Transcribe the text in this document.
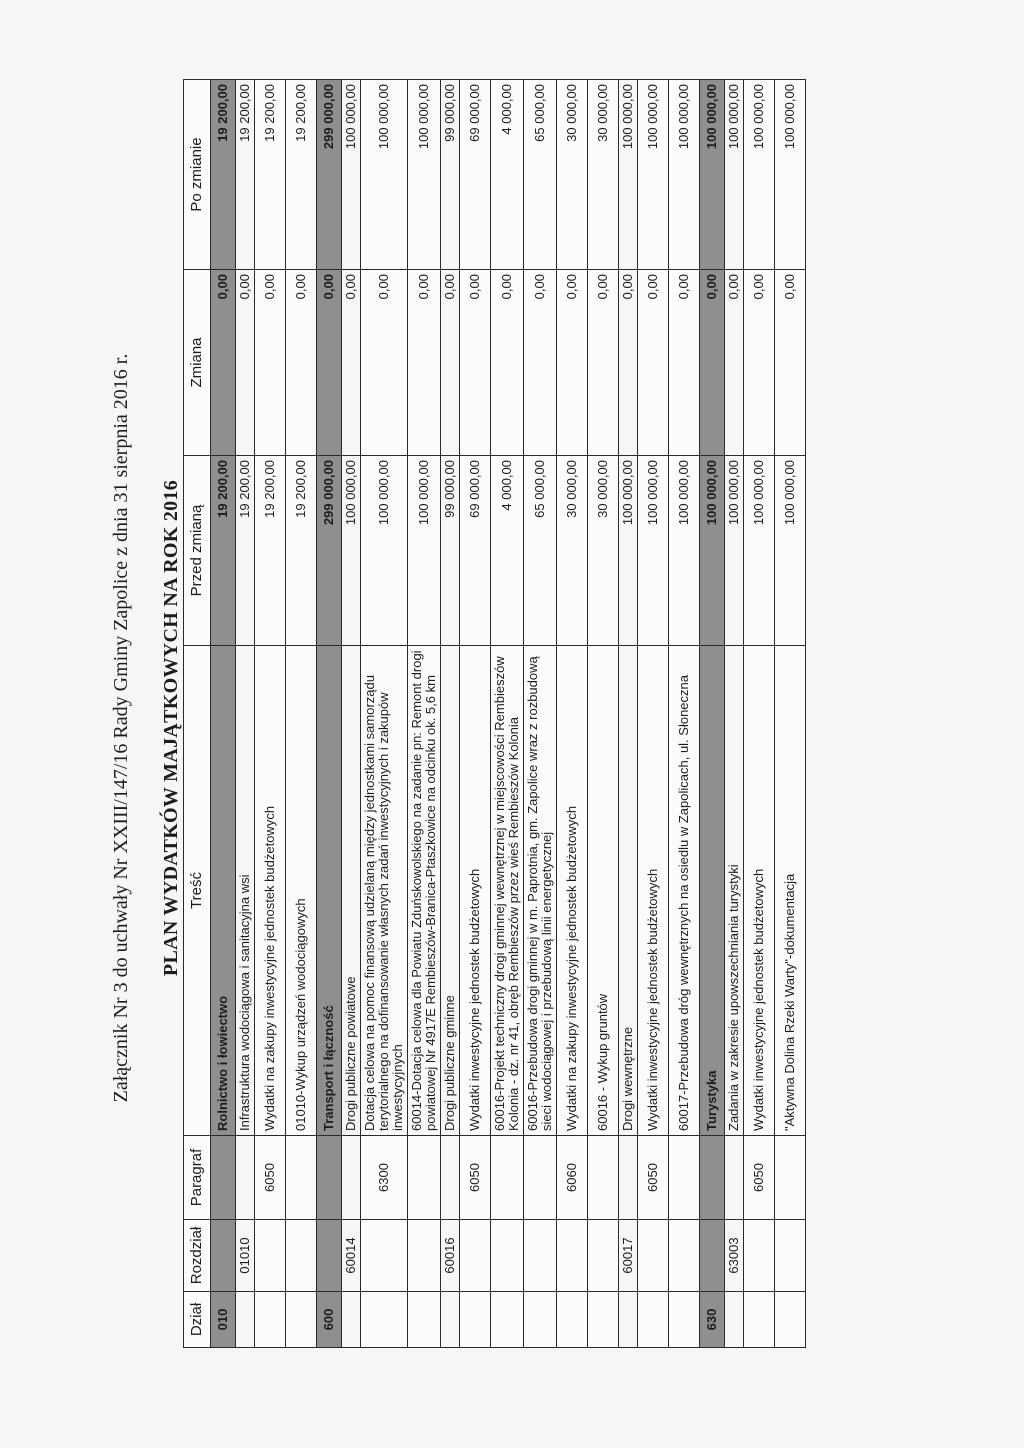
Załącznik Nr 3 do uchwały Nr XXIII/147/16 Rady Gminy Zapolice z dnia 31 sierpnia 2016 r. PLAN WYDATKÓW MAJĄTKOWYCH NA ROK 2016
Dział	Rozdział	Paragraf	Treść	Przed zmianą	Zmiana	Po zmianie
010			Rolnictwo i łowiectwo	19 200,00	0,00	19 200,00
	01010		Infrastruktura wodociągowa i sanitacyjna wsi	19 200,00	0,00	19 200,00
		6050	Wydatki na zakupy inwestycyjne jednostek budżetowych	19 200,00	0,00	19 200,00
			01010-Wykup urządzeń wodociągowych	19 200,00	0,00	19 200,00
600			Transport i łączność	299 000,00	0,00	299 000,00
	60014		Drogi publiczne powiatowe	100 000,00	0,00	100 000,00
		6300	Dotacja celowa na pomoc finansową udzielaną między jednostkami samorządu terytorialnego na dofinansowanie własnych zadań inwestycyjnych i zakupów inwestycyjnych	100 000,00	0,00	100 000,00
			60014-Dotacja celowa dla Powiatu Zduńskowolskiego na zadanie pn: Remont drogi powiatowej Nr 4917E Rembieszów-Branica-Ptaszkowice na odcinku ok. 5,6 km	100 000,00	0,00	100 000,00
	60016		Drogi publiczne gminne	99 000,00	0,00	99 000,00
		6050	Wydatki inwestycyjne jednostek budżetowych	69 000,00	0,00	69 000,00
			60016-Projekt techniczny drogi gminnej wewnętrznej w miejscowości Rembieszów Kolonia - dz. nr 41, obręb Rembieszów przez wieś Rembieszów Kolonia	4 000,00	0,00	4 000,00
			60016-Przebudowa drogi gminnej w m. Paprotnia, gm. Zapolice wraz z rozbudową sieci wodociągowej i przebudową linii energetycznej	65 000,00	0,00	65 000,00
		6060	Wydatki na zakupy inwestycyjne jednostek budżetowych	30 000,00	0,00	30 000,00
			60016 - Wykup gruntów	30 000,00	0,00	30 000,00
	60017		Drogi wewnętrzne	100 000,00	0,00	100 000,00
		6050	Wydatki inwestycyjne jednostek budżetowych	100 000,00	0,00	100 000,00
			60017-Przebudowa dróg wewnętrznych na osiedlu w Zapolicach, ul. Słoneczna	100 000,00	0,00	100 000,00
630			Turystyka	100 000,00	0,00	100 000,00
	63003		Zadania w zakresie upowszechniania turystyki	100 000,00	0,00	100 000,00
		6050	Wydatki inwestycyjne jednostek budżetowych	100 000,00	0,00	100 000,00
			"Aktywna Dolina Rzeki Warty"-dokumentacja	100 000,00	0,00	100 000,00
